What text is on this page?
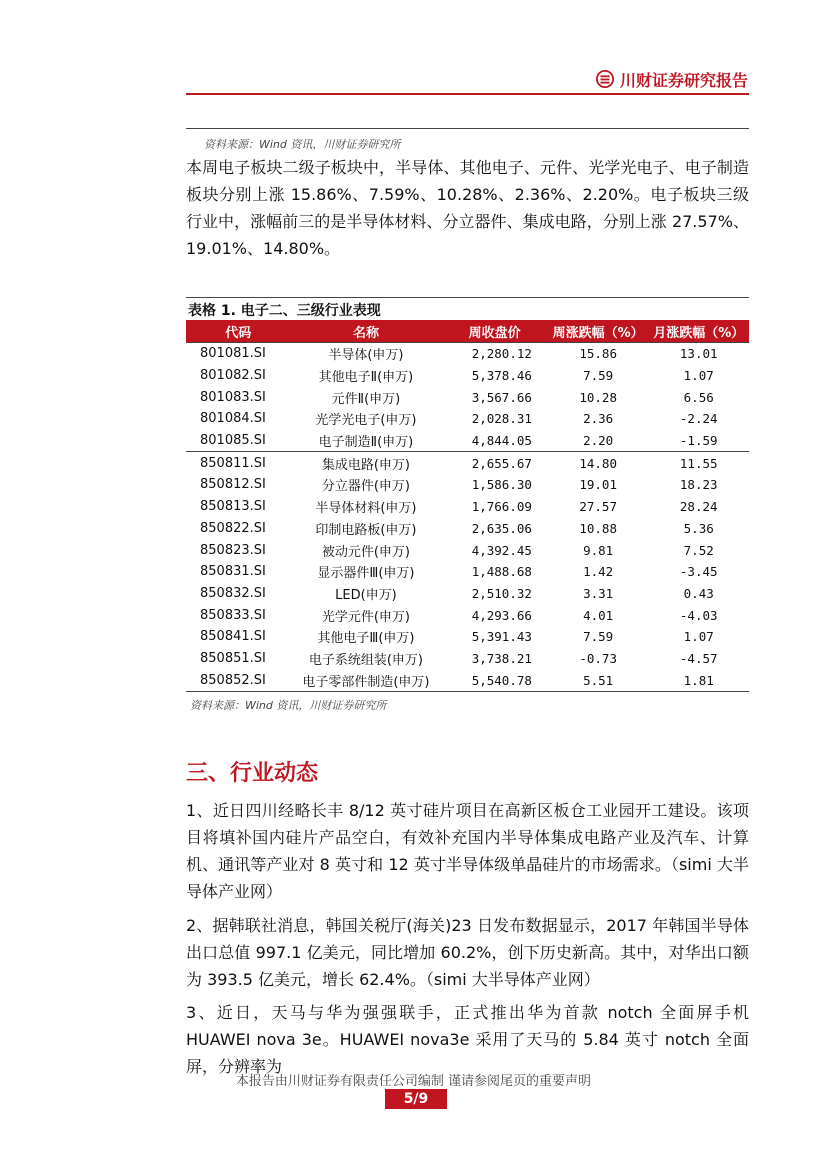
川财证券研究报告
资料来源：Wind 资讯，川财证券研究所
本周电子板块二级子板块中，半导体、其他电子、元件、光学光电子、电子制造板块分别上涨 15.86%、7.59%、10.28%、2.36%、2.20%。电子板块三级行业中，涨幅前三的是半导体材料、分立器件、集成电路，分别上涨 27.57%、19.01%、14.80%。
表格 1. 电子二、三级行业表现
代码	名称	周收盘价	周涨跌幅（%）	月涨跌幅（%）
801081.SI	半导体(申万)	2,280.12	15.86	13.01
801082.SI	其他电子Ⅱ(申万)	5,378.46	7.59	1.07
801083.SI	元件Ⅱ(申万)	3,567.66	10.28	6.56
801084.SI	光学光电子(申万)	2,028.31	2.36	-2.24
801085.SI	电子制造Ⅱ(申万)	4,844.05	2.20	-1.59
850811.SI	集成电路(申万)	2,655.67	14.80	11.55
850812.SI	分立器件(申万)	1,586.30	19.01	18.23
850813.SI	半导体材料(申万)	1,766.09	27.57	28.24
850822.SI	印制电路板(申万)	2,635.06	10.88	5.36
850823.SI	被动元件(申万)	4,392.45	9.81	7.52
850831.SI	显示器件Ⅲ(申万)	1,488.68	1.42	-3.45
850832.SI	LED(申万)	2,510.32	3.31	0.43
850833.SI	光学元件(申万)	4,293.66	4.01	-4.03
850841.SI	其他电子Ⅲ(申万)	5,391.43	7.59	1.07
850851.SI	电子系统组装(申万)	3,738.21	-0.73	-4.57
850852.SI	电子零部件制造(申万)	5,540.78	5.51	1.81
资料来源：Wind 资讯，川财证券研究所
三、行业动态
1、近日四川经略长丰 8/12 英寸硅片项目在高新区板仓工业园开工建设。该项目将填补国内硅片产品空白，有效补充国内半导体集成电路产业及汽车、计算机、通讯等产业对 8 英寸和 12 英寸半导体级单晶硅片的市场需求。（simi 大半导体产业网）
2、据韩联社消息，韩国关税厅(海关)23 日发布数据显示，2017 年韩国半导体出口总值 997.1 亿美元，同比增加 60.2%，创下历史新高。其中，对华出口额为 393.5 亿美元，增长 62.4%。（simi 大半导体产业网）
3、近日，天马与华为强强联手，正式推出华为首款 notch 全面屏手机 HUAWEI nova 3e。HUAWEI nova3e 采用了天马的 5.84 英寸 notch 全面屏，分辨率为
本报告由川财证券有限责任公司编制 谨请参阅尾页的重要声明
5/9
